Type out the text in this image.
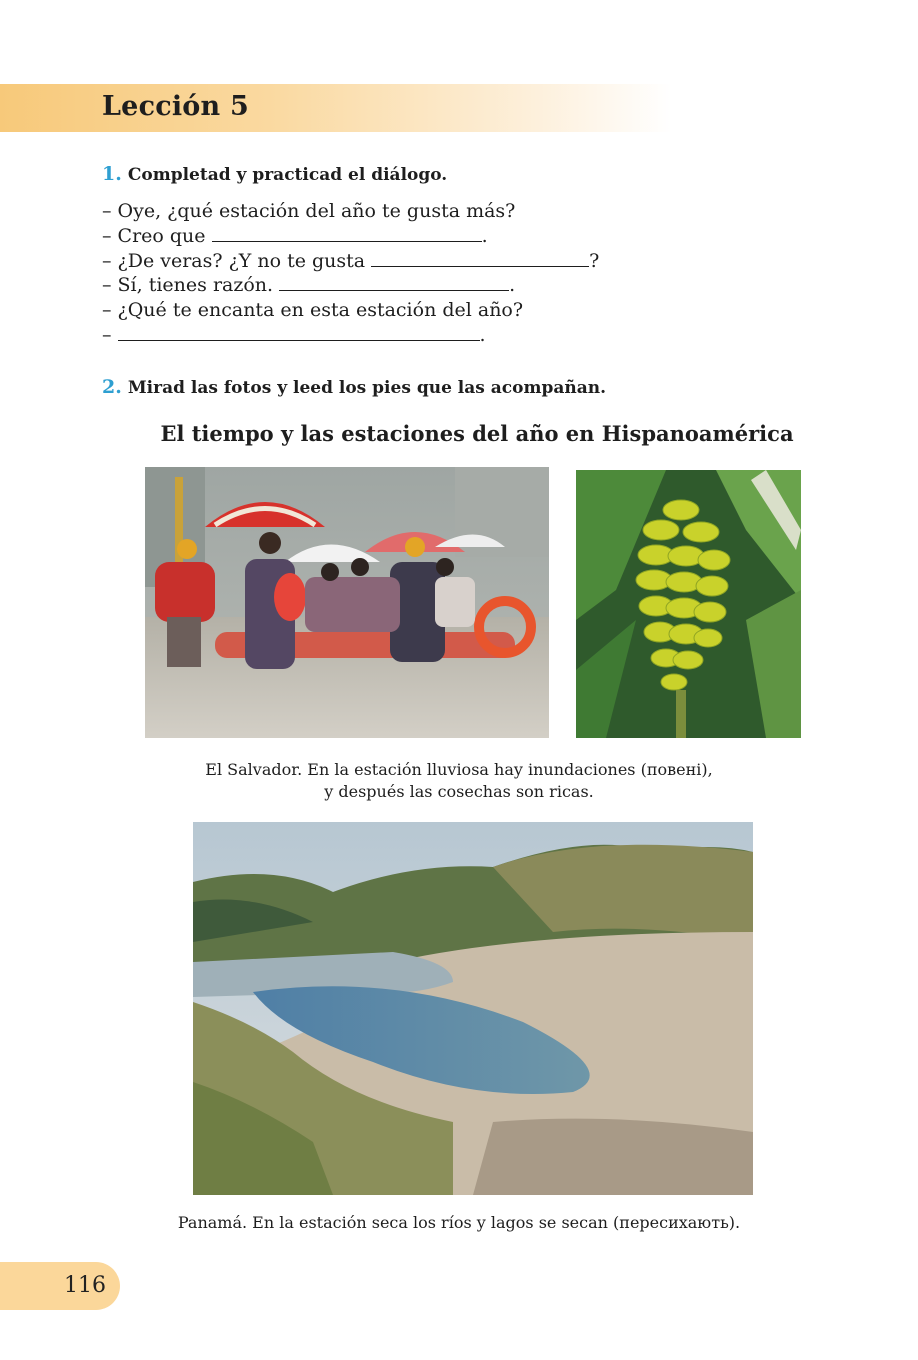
Lección 5
1. Completad y practicad el diálogo.
– Oye, ¿qué estación del año te gusta más?
– Creo que	.
– ¿De veras? ¿Y no te gusta	?
– Sí, tienes razón.	.
– ¿Qué te encanta en esta estación del año?
–	.
2. Mirad las fotos y leed los pies que las acompañan.
El tiempo y las estaciones del año en Hispanoamérica
El Salvador. En la estación lluviosa hay inundaciones (повені),
y después las cosechas son ricas.
Panamá. En la estación seca los ríos y lagos se secan (пересихають).
116
